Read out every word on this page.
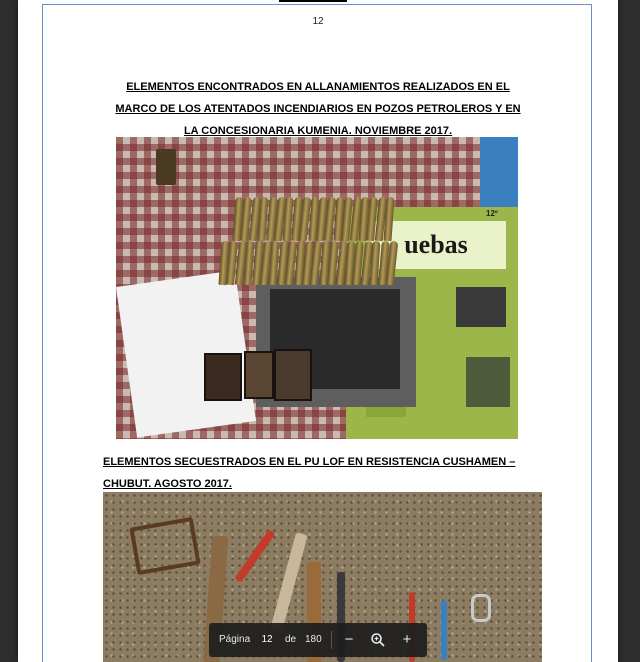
12
ELEMENTOS ENCONTRADOS EN ALLANAMIENTOS REALIZADOS EN EL
MARCO DE LOS ATENTADOS INCENDIARIOS EN POZOS PETROLEROS Y EN
LA CONCESIONARIA KUMENIA. NOVIEMBRE 2017.
uebas
12º
ELEMENTOS SECUESTRADOS EN EL PU LOF EN RESISTENCIA CUSHAMEN –
CHUBUT. AGOSTO 2017.
Página
12	de 180	−	+
